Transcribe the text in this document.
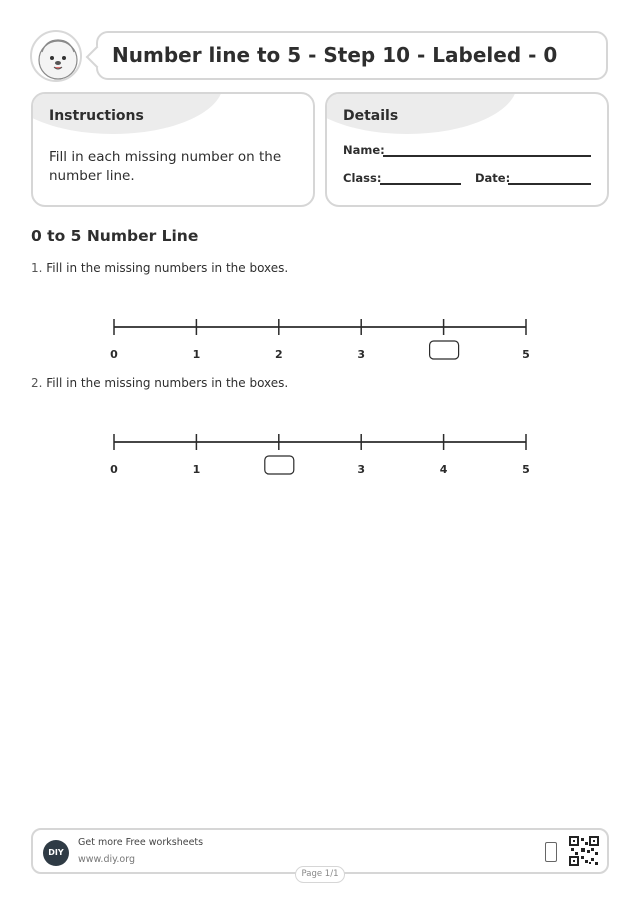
Number line to 5 - Step 10 - Labeled - 0
Instructions
Fill in each missing number on the number line.
Details
Name:
Class:	Date:
0 to 5 Number Line
1. Fill in the missing numbers in the boxes.
0	1	2	3	5
2. Fill in the missing numbers in the boxes.
0	1	3	4	5
DIY
Get more Free worksheets
www.diy.org
Page 1/1
